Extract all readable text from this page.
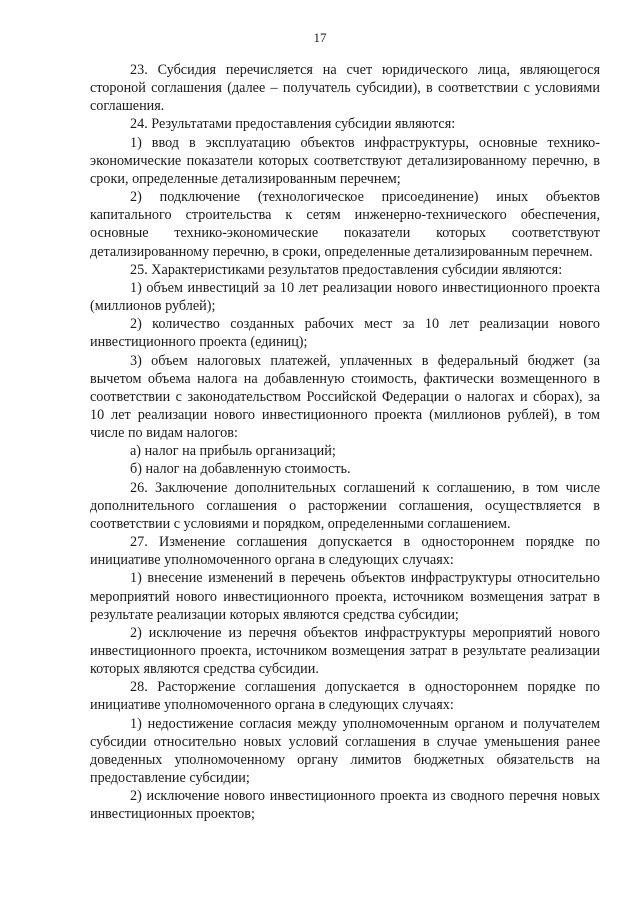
17

23. Субсидия перечисляется на счет юридического лица, являющегося стороной соглашения (далее – получатель субсидии), в соответствии с условиями соглашения.

24. Результатами предоставления субсидии являются:

1) ввод в эксплуатацию объектов инфраструктуры, основные технико-экономические показатели которых соответствуют детализированному перечню, в сроки, определенные детализированным перечнем;

2) подключение (технологическое присоединение) иных объектов капитального строительства к сетям инженерно-технического обеспечения, основные технико-экономические показатели которых соответствуют детализированному перечню, в сроки, определенные детализированным перечнем.

25. Характеристиками результатов предоставления субсидии являются:

1) объем инвестиций за 10 лет реализации нового инвестиционного проекта (миллионов рублей);

2) количество созданных рабочих мест за 10 лет реализации нового инвестиционного проекта (единиц);

3) объем налоговых платежей, уплаченных в федеральный бюджет (за вычетом объема налога на добавленную стоимость, фактически возмещенного в соответствии с законодательством Российской Федерации о налогах и сборах), за 10 лет реализации нового инвестиционного проекта (миллионов рублей), в том числе по видам налогов:

а) налог на прибыль организаций;

б) налог на добавленную стоимость.

26. Заключение дополнительных соглашений к соглашению, в том числе дополнительного соглашения о расторжении соглашения, осуществляется в соответствии с условиями и порядком, определенными соглашением.

27. Изменение соглашения допускается в одностороннем порядке по инициативе уполномоченного органа в следующих случаях:

1) внесение изменений в перечень объектов инфраструктуры относительно мероприятий нового инвестиционного проекта, источником возмещения затрат в результате реализации которых являются средства субсидии;

2) исключение из перечня объектов инфраструктуры мероприятий нового инвестиционного проекта, источником возмещения затрат в результате реализации которых являются средства субсидии.

28. Расторжение соглашения допускается в одностороннем порядке по инициативе уполномоченного органа в следующих случаях:

1) недостижение согласия между уполномоченным органом и получателем субсидии относительно новых условий соглашения в случае уменьшения ранее доведенных уполномоченному органу лимитов бюджетных обязательств на предоставление субсидии;

2) исключение нового инвестиционного проекта из сводного перечня новых инвестиционных проектов;
